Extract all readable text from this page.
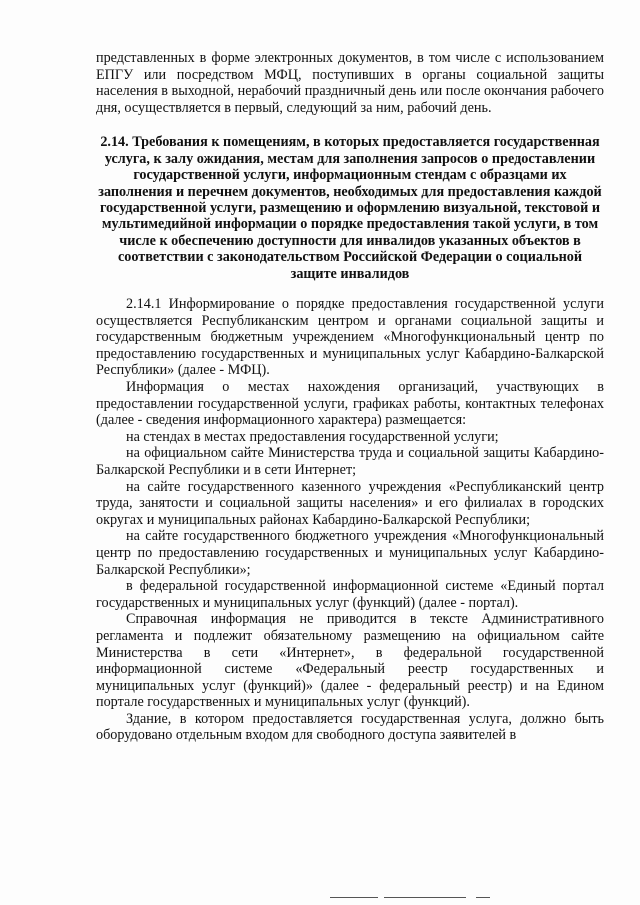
представленных в форме электронных документов, в том числе с использованием ЕПГУ или посредством МФЦ, поступивших в органы социальной защиты населения в выходной, нерабочий праздничный день или после окончания рабочего дня, осуществляется в первый, следующий за ним, рабочий день.

2.14. Требования к помещениям, в которых предоставляется государственная услуга, к залу ожидания, местам для заполнения запросов о предоставлении государственной услуги, информационным стендам с образцами их заполнения и перечнем документов, необходимых для предоставления каждой государственной услуги, размещению и оформлению визуальной, текстовой и мультимедийной информации о порядке предоставления такой услуги, в том числе к обеспечению доступности для инвалидов указанных объектов в соответствии с законодательством Российской Федерации о социальной защите инвалидов

2.14.1 Информирование о порядке предоставления государственной услуги осуществляется Республиканским центром и органами социальной защиты и государственным бюджетным учреждением «Многофункциональный центр по предоставлению государственных и муниципальных услуг Кабардино-Балкарской Республики» (далее - МФЦ).

Информация о местах нахождения организаций, участвующих в предоставлении государственной услуги, графиках работы, контактных телефонах (далее - сведения информационного характера) размещается:

на стендах в местах предоставления государственной услуги;
на официальном сайте Министерства труда и социальной защиты Кабардино-Балкарской Республики и в сети Интернет;
на сайте государственного казенного учреждения «Республиканский центр труда, занятости и социальной защиты населения» и его филиалах в городских округах и муниципальных районах Кабардино-Балкарской Республики;
на сайте государственного бюджетного учреждения «Многофункциональный центр по предоставлению государственных и муниципальных услуг Кабардино-Балкарской Республики»;
в федеральной государственной информационной системе «Единый портал государственных и муниципальных услуг (функций) (далее - портал).

Справочная информация не приводится в тексте Административного регламента и подлежит обязательному размещению на официальном сайте Министерства в сети «Интернет», в федеральной государственной информационной системе «Федеральный реестр государственных и муниципальных услуг (функций)» (далее - федеральный реестр) и на Едином портале государственных и муниципальных услуг (функций).

Здание, в котором предоставляется государственная услуга, должно быть оборудовано отдельным входом для свободного доступа заявителей в
